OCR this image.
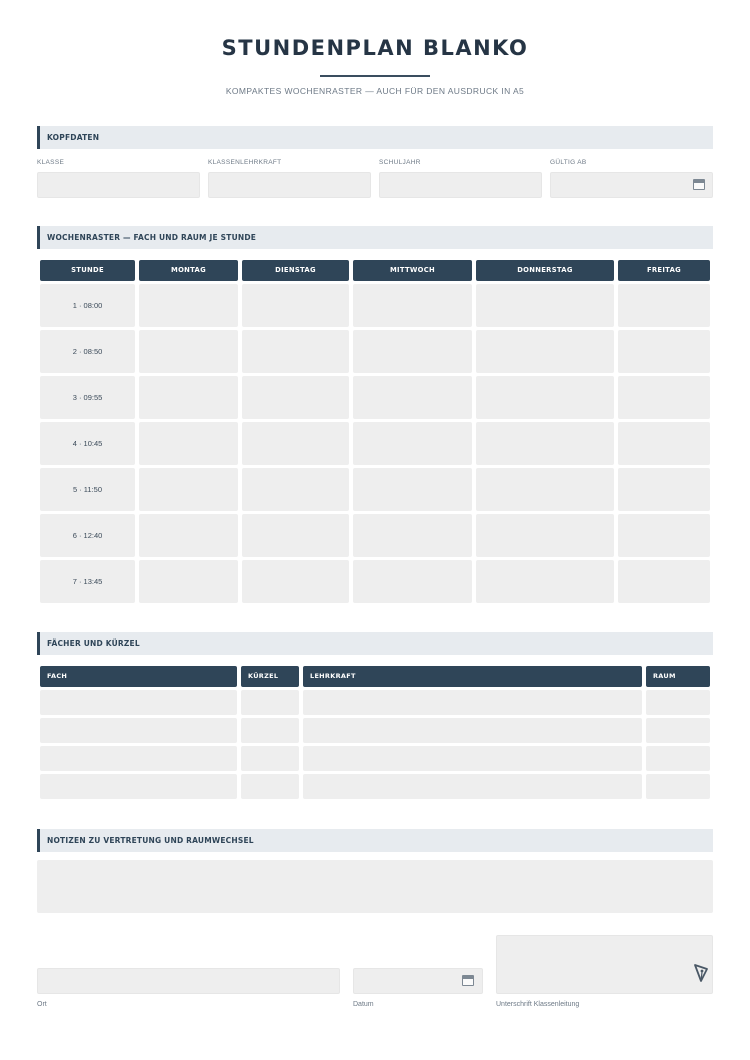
STUNDENPLAN BLANKO
KOMPAKTES WOCHENRASTER — AUCH FÜR DEN AUSDRUCK IN A5
KOPFDATEN
KLASSE	KLASSENLEHRKRAFT	SCHULJAHR	GÜLTIG AB
WOCHENRASTER — FACH UND RAUM JE STUNDE
STUNDE	MONTAG	DIENSTAG	MITTWOCH	DONNERSTAG	FREITAG
1 · 08:00
2 · 08:50
3 · 09:55
4 · 10:45
5 · 11:50
6 · 12:40
7 · 13:45
FÄCHER UND KÜRZEL
FACH	KÜRZEL	LEHRKRAFT	RAUM
NOTIZEN ZU VERTRETUNG UND RAUMWECHSEL
Ort	Datum	Unterschrift Klassenleitung
